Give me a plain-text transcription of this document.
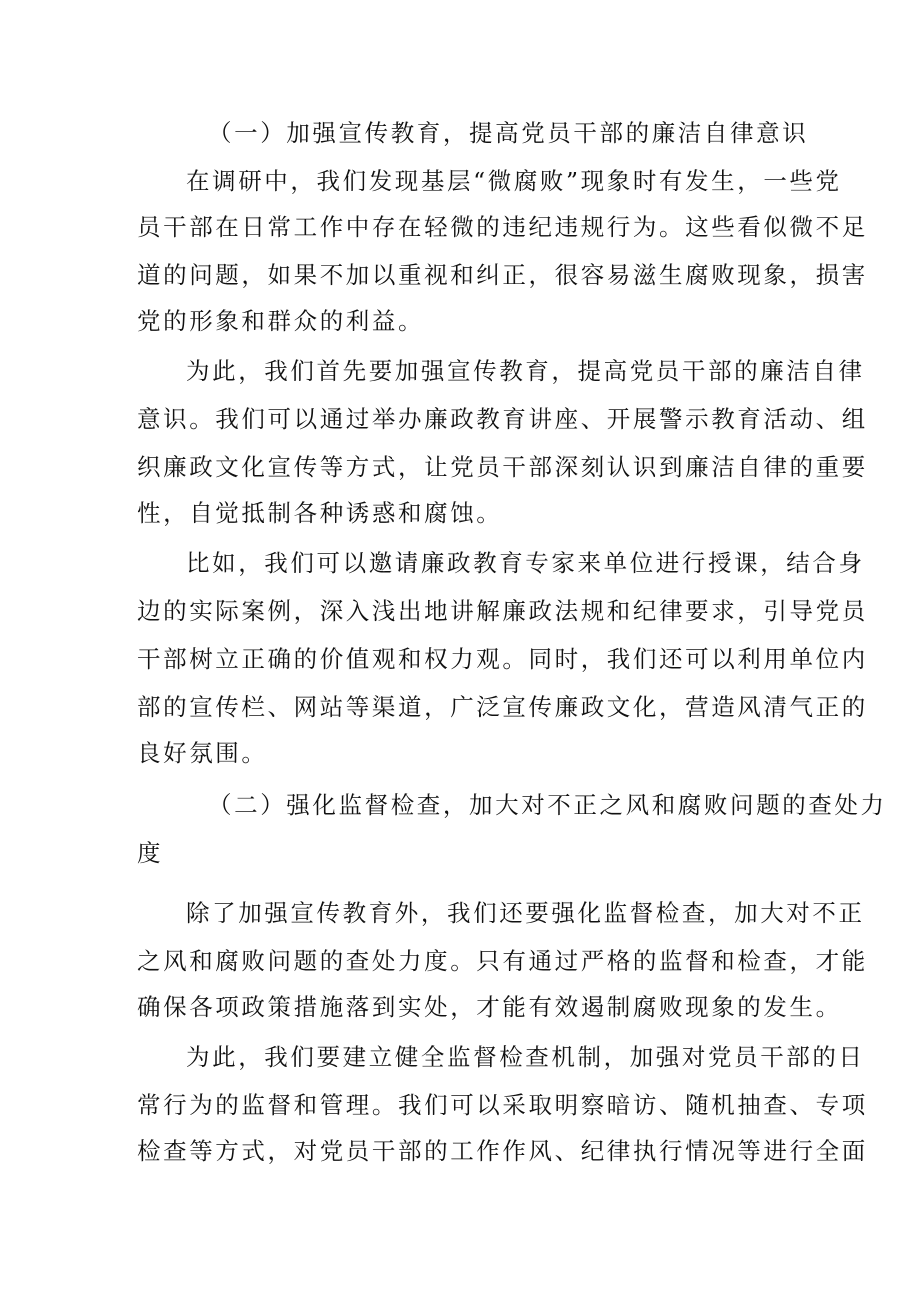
（一）加强宣传教育，提高党员干部的廉洁自律意识

在调研中，我们发现基层“微腐败”现象时有发生，一些党

员干部在日常工作中存在轻微的违纪违规行为。这些看似微不足

道的问题，如果不加以重视和纠正，很容易滋生腐败现象，损害

党的形象和群众的利益。

为此，我们首先要加强宣传教育，提高党员干部的廉洁自律

意识。我们可以通过举办廉政教育讲座、开展警示教育活动、组

织廉政文化宣传等方式，让党员干部深刻认识到廉洁自律的重要

性，自觉抵制各种诱惑和腐蚀。

比如，我们可以邀请廉政教育专家来单位进行授课，结合身

边的实际案例，深入浅出地讲解廉政法规和纪律要求，引导党员

干部树立正确的价值观和权力观。同时，我们还可以利用单位内

部的宣传栏、网站等渠道，广泛宣传廉政文化，营造风清气正的

良好氛围。

（二）强化监督检查，加大对不正之风和腐败问题的查处力

度

除了加强宣传教育外，我们还要强化监督检查，加大对不正

之风和腐败问题的查处力度。只有通过严格的监督和检查，才能

确保各项政策措施落到实处，才能有效遏制腐败现象的发生。

为此，我们要建立健全监督检查机制，加强对党员干部的日

常行为的监督和管理。我们可以采取明察暗访、随机抽查、专项

检查等方式，对党员干部的工作作风、纪律执行情况等进行全面
